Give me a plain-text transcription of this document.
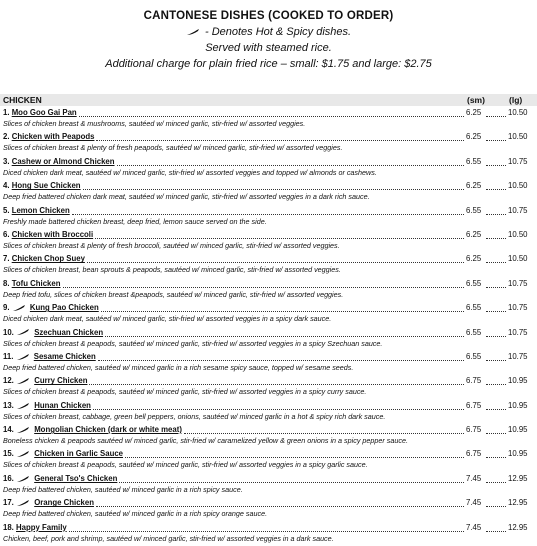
CANTONESE DISHES (COOKED TO ORDER)
- Denotes Hot & Spicy dishes.
Served with steamed rice.
Additional charge for plain fried rice – small: $1.75 and large: $2.75
CHICKEN	(sm)	(lg)
1. Moo Goo Gai Pan	6.25	10.50
Slices of chicken breast & mushrooms, sautéed w/ minced garlic, stir-fried w/ assorted veggies.
2. Chicken with Peapods	6.25	10.50
Slices of chicken breast & plenty of fresh peapods, sautéed w/ minced garlic, stir-fried w/ assorted veggies.
3. Cashew or Almond Chicken	6.55	10.75
Diced chicken dark meat, sautéed w/ minced garlic, stir-fried w/ assorted veggies and topped w/ almonds or cashews.
4. Hong Sue Chicken	6.25	10.50
Deep fried battered chicken dark meat, sautéed w/ minced garlic, stir-fried w/ assorted veggies in a dark rich sauce.
5. Lemon Chicken	6.55	10.75
Freshly made battered chicken breast, deep fried, lemon sauce served on the side.
6. Chicken with Broccoli	6.25	10.50
Slices of chicken breast & plenty of fresh broccoli, sautéed w/ minced garlic, stir-fried w/ assorted veggies.
7. Chicken Chop Suey	6.25	10.50
Slices of chicken breast, bean sprouts & peapods, sautéed w/ minced garlic, stir-fried w/ assorted veggies.
8. Tofu Chicken	6.55	10.75
Deep fried tofu, slices of chicken breast &peapods, sautéed w/ minced garlic, stir-fried w/ assorted veggies.
9.	Kung Pao Chicken	6.55	10.75
Diced chicken dark meat, sautéed w/ minced garlic, stir-fried w/ assorted veggies in a spicy dark sauce.
10.	Szechuan Chicken	6.55	10.75
Slices of chicken breast & peapods, sautéed w/ minced garlic, stir-fried w/ assorted veggies in a spicy Szechuan sauce.
11.	Sesame Chicken	6.55	10.75
Deep fried battered chicken, sautéed w/ minced garlic in a rich sesame spicy sauce, topped w/ sesame seeds.
12.	Curry Chicken	6.75	10.95
Slices of chicken breast & peapods, sautéed w/ minced garlic, stir-fried w/ assorted veggies in a spicy curry sauce.
13.	Hunan Chicken	6.75	10.95
Slices of chicken breast, cabbage, green bell peppers, onions, sautéed w/ minced garlic in a hot & spicy rich dark sauce.
14.	Mongolian Chicken (dark or white meat)	6.75	10.95
Boneless chicken & peapods sautéed w/ minced garlic, stir-fried w/ caramelized yellow & green onions in a spicy pepper sauce.
15.	Chicken in Garlic Sauce	6.75	10.95
Slices of chicken breast & peapods, sautéed w/ minced garlic, stir-fried w/ assorted veggies in a spicy garlic sauce.
16.	General Tso's Chicken	7.45	12.95
Deep fried battered chicken, sautéed w/ minced garlic in a rich spicy sauce.
17.	Orange Chicken	7.45	12.95
Deep fried battered chicken, sautéed w/ minced garlic in a rich spicy orange sauce.
18. Happy Family	7.45	12.95
Chicken, beef, pork and shrimp, sautéed w/ minced garlic, stir-fried w/ assorted veggies in a dark sauce.
